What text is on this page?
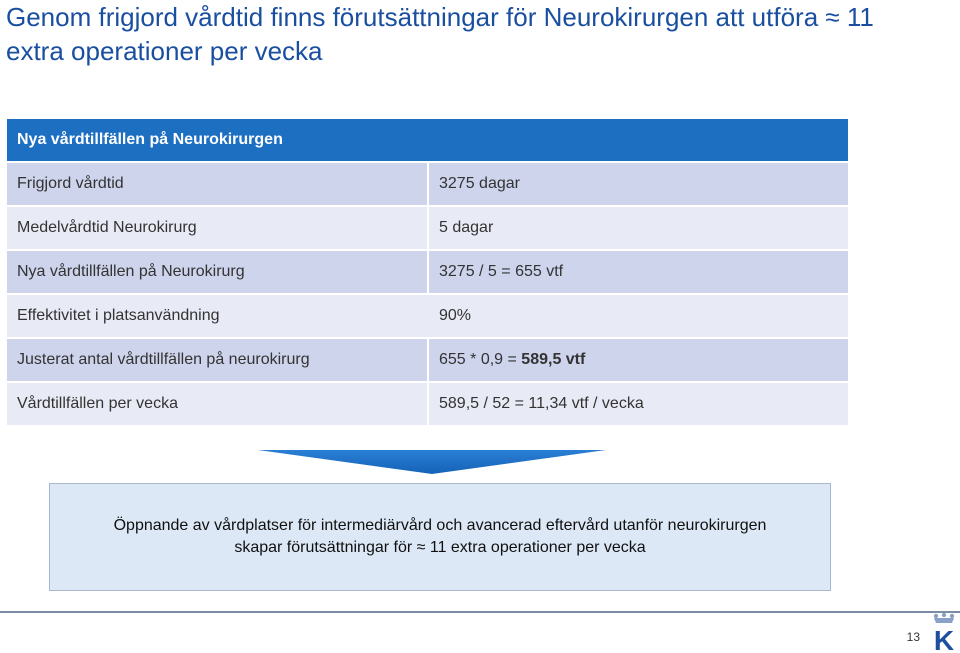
Genom frigjord vårdtid finns förutsättningar för Neurokirurgen att utföra ≈ 11 extra operationer per vecka
Nya vårdtillfällen på Neurokirurgen	
Frigjord vårdtid	3275 dagar
Medelvårdtid Neurokirurg	5 dagar
Nya vårdtillfällen på Neurokirurg	3275 / 5 = 655 vtf
Effektivitet i platsanvändning	90%
Justerat antal vårdtillfällen på neurokirurg	655 * 0,9 = 589,5 vtf
Vårdtillfällen per vecka	589,5 / 52 = 11,34 vtf / vecka
Öppnande av vårdplatser för intermediärvård och avancerad eftervård utanför neurokirurgen
skapar förutsättningar för ≈ 11 extra operationer per vecka
13 K
